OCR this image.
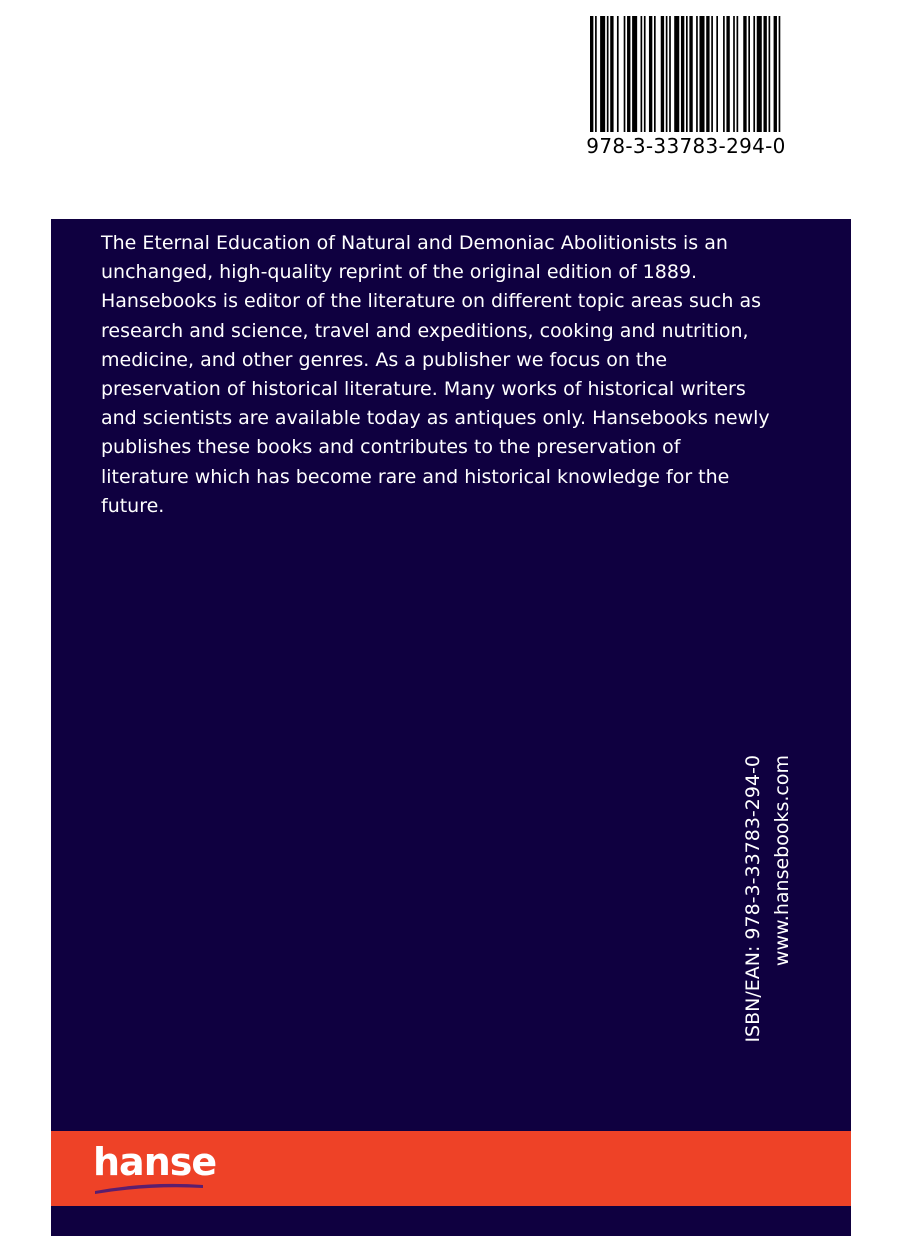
978-3-33783-294-0

The Eternal Education of Natural and Demoniac Abolitionists is an
unchanged, high-quality reprint of the original edition of 1889.
Hansebooks is editor of the literature on different topic areas such as
research and science, travel and expeditions, cooking and nutrition,
medicine, and other genres. As a publisher we focus on the
preservation of historical literature. Many works of historical writers
and scientists are available today as antiques only. Hansebooks newly
publishes these books and contributes to the preservation of
literature which has become rare and historical knowledge for the
future.

ISBN/EAN: 978-3-33783-294-0 www.hansebooks.com
hanse
